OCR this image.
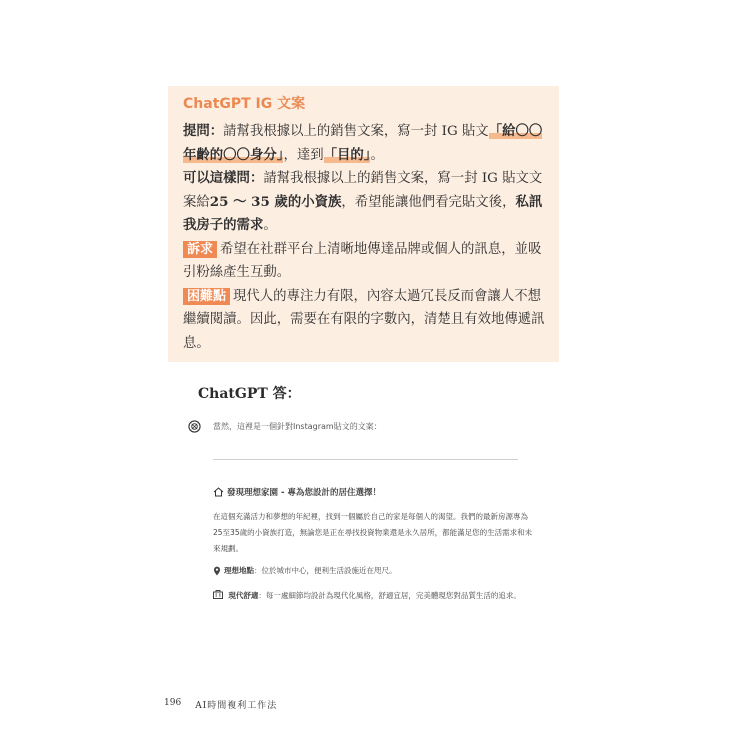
ChatGPT IG 文案

提問：請幫我根據以上的銷售文案，寫一封 IG 貼文「給〇〇年齡的〇〇身分」，達到「目的」。

可以這樣問：請幫我根據以上的銷售文案，寫一封 IG 貼文文案給25 ～ 35 歲的小資族，希望能讓他們看完貼文後，私訊我房子的需求。

訴求 希望在社群平台上清晰地傳達品牌或個人的訊息，並吸引粉絲產生互動。

困難點 現代人的專注力有限，內容太過冗長反而會讓人不想繼續閱讀。因此，需要在有限的字數內，清楚且有效地傳遞訊息。

ChatGPT 答：

當然，這裡是一個針對Instagram貼文的文案：
發現理想家園 - 專為您設計的居住選擇！
在這個充滿活力和夢想的年紀裡，找到一個屬於自己的家是每個人的渴望。我們的最新房源專為25至35歲的小資族打造，無論您是正在尋找投資物業還是永久居所，都能滿足您的生活需求和未來規劃。
理想地點：位於城市中心，便利生活設施近在咫尺。
現代舒適：每一處細節均設計為現代化風格，舒適宜居，完美體現您對品質生活的追求。
196 AI時間複利工作法
